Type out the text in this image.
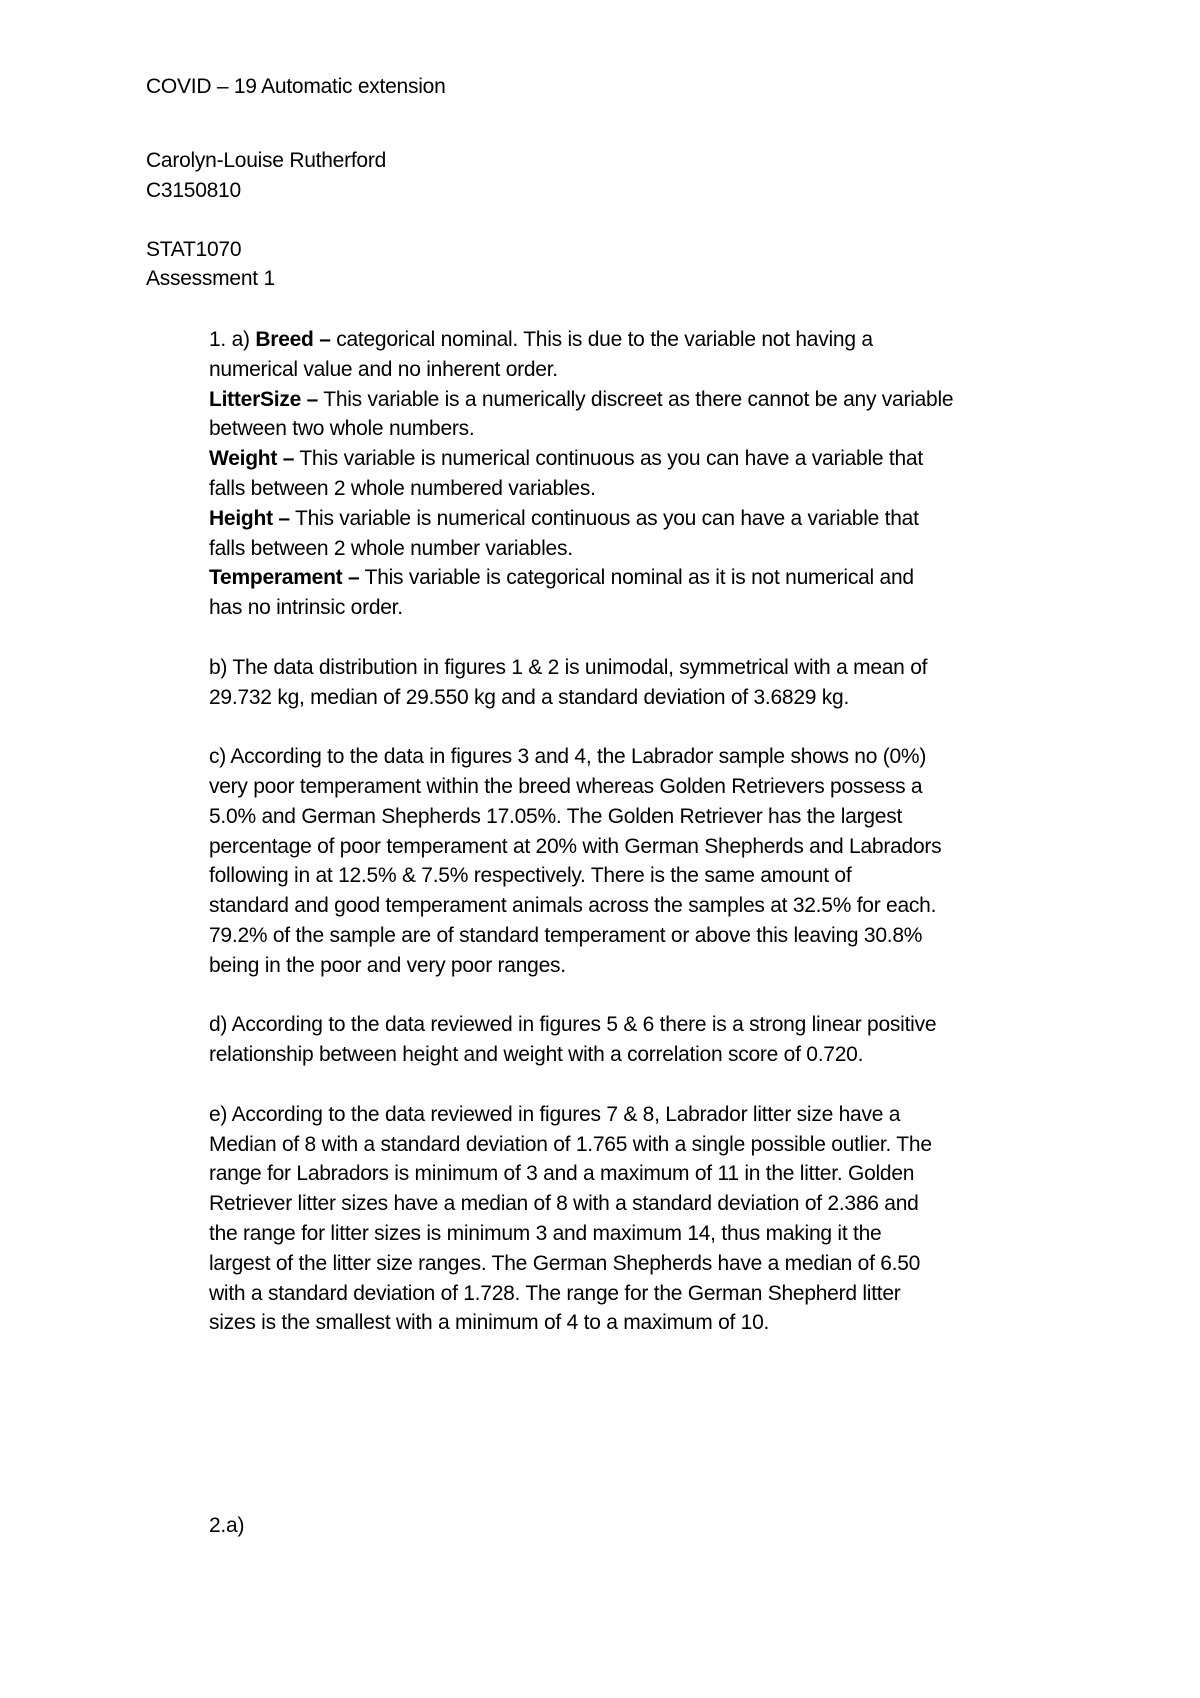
COVID – 19 Automatic extension
Carolyn-Louise Rutherford
C3150810
STAT1070
Assessment 1
1. a) Breed – categorical nominal. This is due to the variable not having a
numerical value and no inherent order.
LitterSize – This variable is a numerically discreet as there cannot be any variable
between two whole numbers.
Weight – This variable is numerical continuous as you can have a variable that
falls between 2 whole numbered variables.
Height – This variable is numerical continuous as you can have a variable that
falls between 2 whole number variables.
Temperament – This variable is categorical nominal as it is not numerical and
has no intrinsic order.
b) The data distribution in figures 1 & 2 is unimodal, symmetrical with a mean of
29.732 kg, median of 29.550 kg and a standard deviation of 3.6829 kg.
c) According to the data in figures 3 and 4, the Labrador sample shows no (0%)
very poor temperament within the breed whereas Golden Retrievers possess a
5.0% and German Shepherds 17.05%. The Golden Retriever has the largest
percentage of poor temperament at 20% with German Shepherds and Labradors
following in at 12.5% & 7.5% respectively. There is the same amount of
standard and good temperament animals across the samples at 32.5% for each.
79.2% of the sample are of standard temperament or above this leaving 30.8%
being in the poor and very poor ranges.
d) According to the data reviewed in figures 5 & 6 there is a strong linear positive
relationship between height and weight with a correlation score of 0.720.
e) According to the data reviewed in figures 7 & 8, Labrador litter size have a
Median of 8 with a standard deviation of 1.765 with a single possible outlier. The
range for Labradors is minimum of 3 and a maximum of 11 in the litter. Golden
Retriever litter sizes have a median of 8 with a standard deviation of 2.386 and
the range for litter sizes is minimum 3 and maximum 14, thus making it the
largest of the litter size ranges. The German Shepherds have a median of 6.50
with a standard deviation of 1.728. The range for the German Shepherd litter
sizes is the smallest with a minimum of 4 to a maximum of 10.
2.a)
